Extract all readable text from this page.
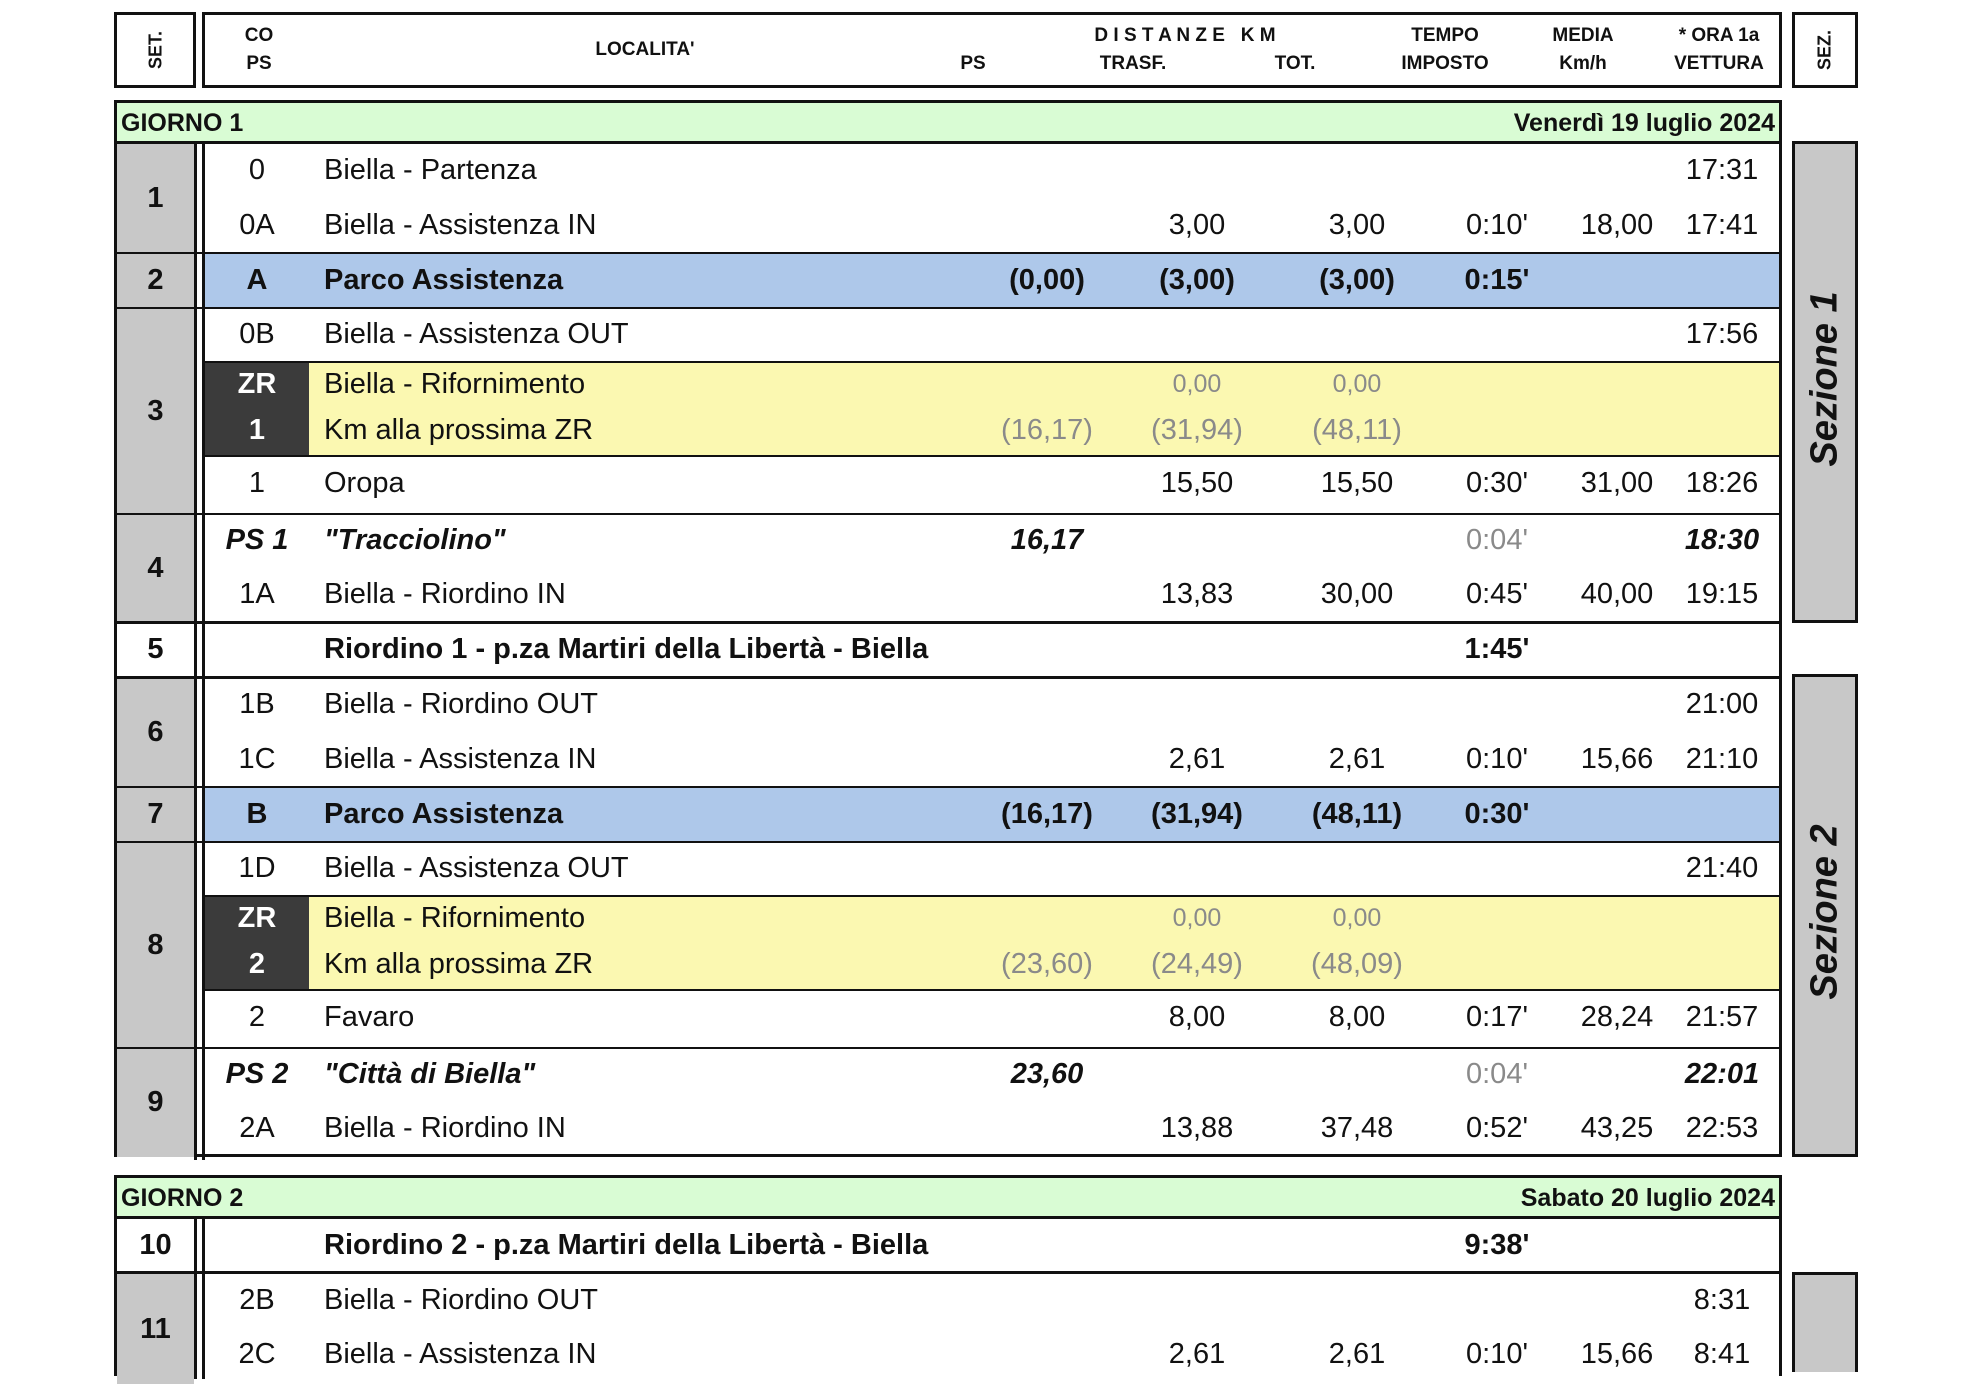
SET.	CO
PS
LOCALITA'
D I S T A N Z E   K M
PS	TRASF.	TOT.
TEMPO
IMPOSTO
MEDIA
Km/h
* ORA 1a
VETTURA	SEZ.
GIORNO 1	Venerdì 19 luglio 2024
1
2
3
4
5
6
7
8
9
0	Biella - Partenza	17:31
0A	Biella - Assistenza IN	3,00	3,00	0:10'	18,00	17:41
A	Parco Assistenza	(0,00)	(3,00)	(3,00)	0:15'
0B	Biella - Assistenza OUT	17:56
ZR	Biella - Rifornimento	0,00	0,00
1	Km alla prossima ZR	(16,17)	(31,94)	(48,11)
1	Oropa	15,50	15,50	0:30'	31,00	18:26
PS 1	"Tracciolino"	16,17	0:04'	18:30
1A	Biella - Riordino IN	13,83	30,00	0:45'	40,00	19:15
Riordino 1 - p.za Martiri della Libertà - Biella	1:45'
1B	Biella - Riordino OUT	21:00
1C	Biella - Assistenza IN	2,61	2,61	0:10'	15,66	21:10
B	Parco Assistenza	(16,17)	(31,94)	(48,11)	0:30'
1D	Biella - Assistenza OUT	21:40
ZR	Biella - Rifornimento	0,00	0,00
2	Km alla prossima ZR	(23,60)	(24,49)	(48,09)
2	Favaro	8,00	8,00	0:17'	28,24	21:57
PS 2	"Città di Biella"	23,60	0:04'	22:01
2A	Biella - Riordino IN	13,88	37,48	0:52'	43,25	22:53
Sezione 1
Sezione 2
GIORNO 2	Sabato 20 luglio 2024
10
11
Riordino 2 - p.za Martiri della Libertà - Biella	9:38'
2B	Biella - Riordino OUT	8:31
2C	Biella - Assistenza IN	2,61	2,61	0:10'	15,66	8:41
